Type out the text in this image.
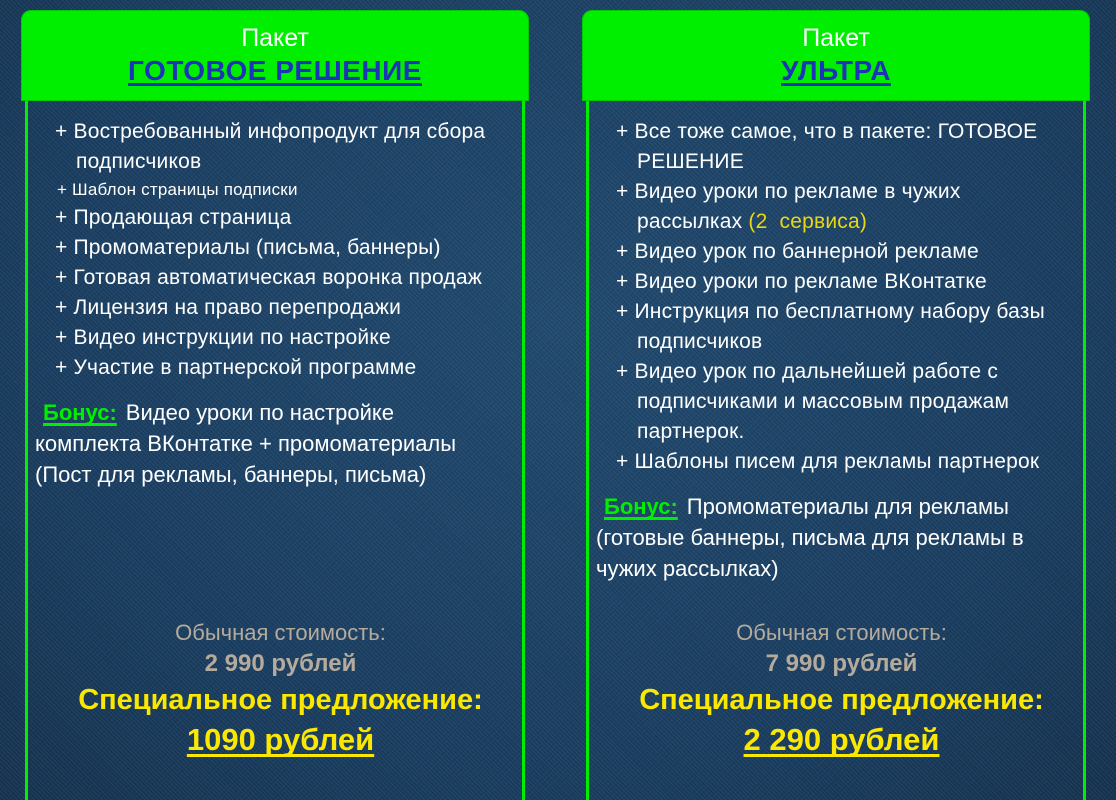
Пакет
ГОТОВОЕ РЕШЕНИЕ
+ Востребованный инфопродукт для сбора подписчиков
+ Шаблон страницы подписки
+ Продающая страница
+ Промоматериалы (письма, баннеры)
+ Готовая автоматическая воронка продаж
+ Лицензия на право перепродажи
+ Видео инструкции по настройке
+ Участие в партнерской программе
Бонус: Видео уроки по настройке комплекта ВКонтатке + промоматериалы (Пост для рекламы, баннеры, письма)
Обычная стоимость:
2 990 рублей
Специальное предложение:
1090 рублей
Пакет
УЛЬТРА
+ Все тоже самое, что в пакете: ГОТОВОЕ РЕШЕНИЕ
+ Видео уроки по рекламе в чужих рассылках (2  сервиса)
+ Видео урок по баннерной рекламе
+ Видео уроки по рекламе ВКонтатке
+ Инструкция по бесплатному набору базы подписчиков
+ Видео урок по дальнейшей работе с подписчиками и массовым продажам партнерок.
+ Шаблоны писем для рекламы партнерок
Бонус: Промоматериалы для рекламы (готовые баннеры, письма для рекламы в чужих рассылках)
Обычная стоимость:
7 990 рублей
Специальное предложение:
2 290 рублей
